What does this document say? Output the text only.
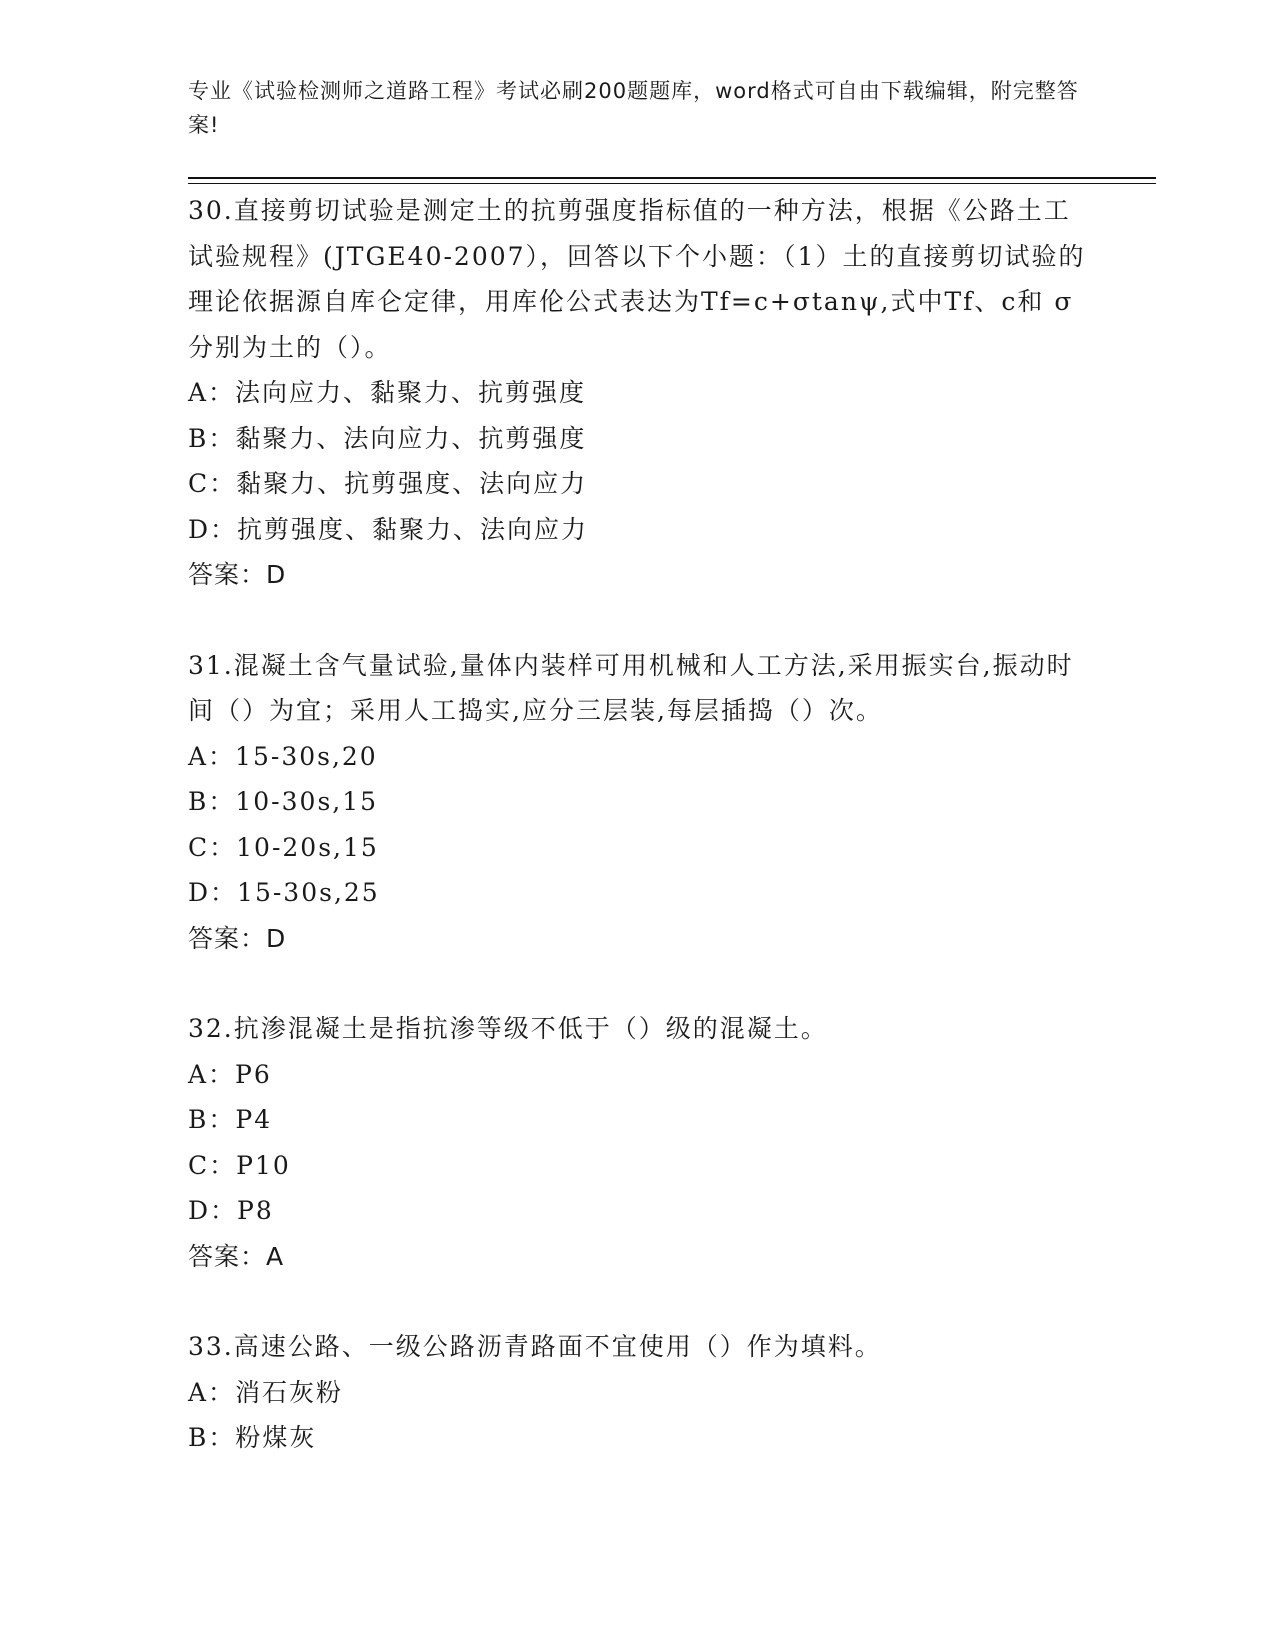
专业《试验检测师之道路工程》考试必刷200题题库，word格式可自由下载编辑，附完整答案!

30.直接剪切试验是测定土的抗剪强度指标值的一种方法，根据《公路土工试验规程》(JTGE40-2007），回答以下个小题：（1）土的直接剪切试验的理论依据源自库仑定律，用库伦公式表达为Tf=c+σtanψ,式中Tf、c和 σ 分别为土的（）。

A：法向应力、黏聚力、抗剪强度

B：黏聚力、法向应力、抗剪强度

C：黏聚力、抗剪强度、法向应力

D：抗剪强度、黏聚力、法向应力

答案：D

31.混凝土含气量试验,量体内装样可用机械和人工方法,采用振实台,振动时间（）为宜；采用人工捣实,应分三层装,每层插捣（）次。

A：15-30s,20

B：10-30s,15

C：10-20s,15

D：15-30s,25

答案：D

32.抗渗混凝土是指抗渗等级不低于（）级的混凝土。

A：P6

B：P4

C：P10

D：P8

答案：A

33.高速公路、一级公路沥青路面不宜使用（）作为填料。

A：消石灰粉

B：粉煤灰
